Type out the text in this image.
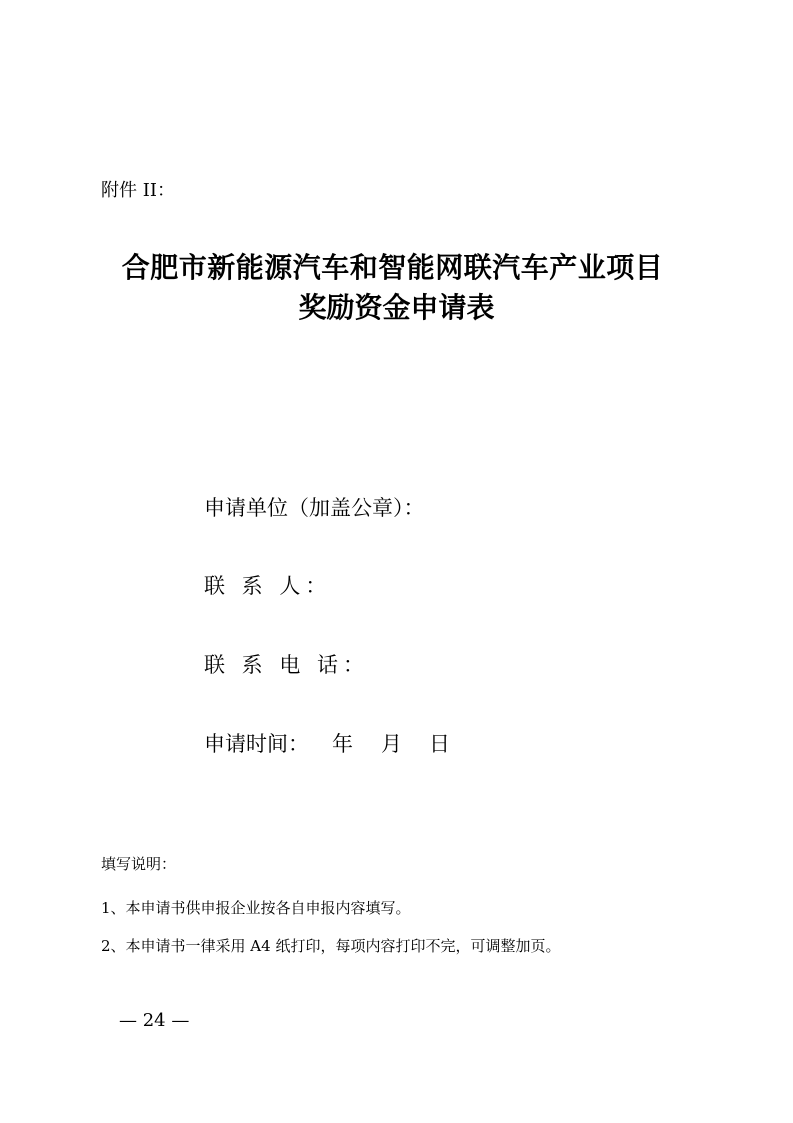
附件 II：
合肥市新能源汽车和智能网联汽车产业项目
奖励资金申请表
申请单位（加盖公章）：
联 系 人：
联 系 电 话：
申请时间： 年 月 日
填写说明：
1、本申请书供申报企业按各自申报内容填写。
2、本申请书一律采用 A4 纸打印，每项内容打印不完，可调整加页。
— 24 —
